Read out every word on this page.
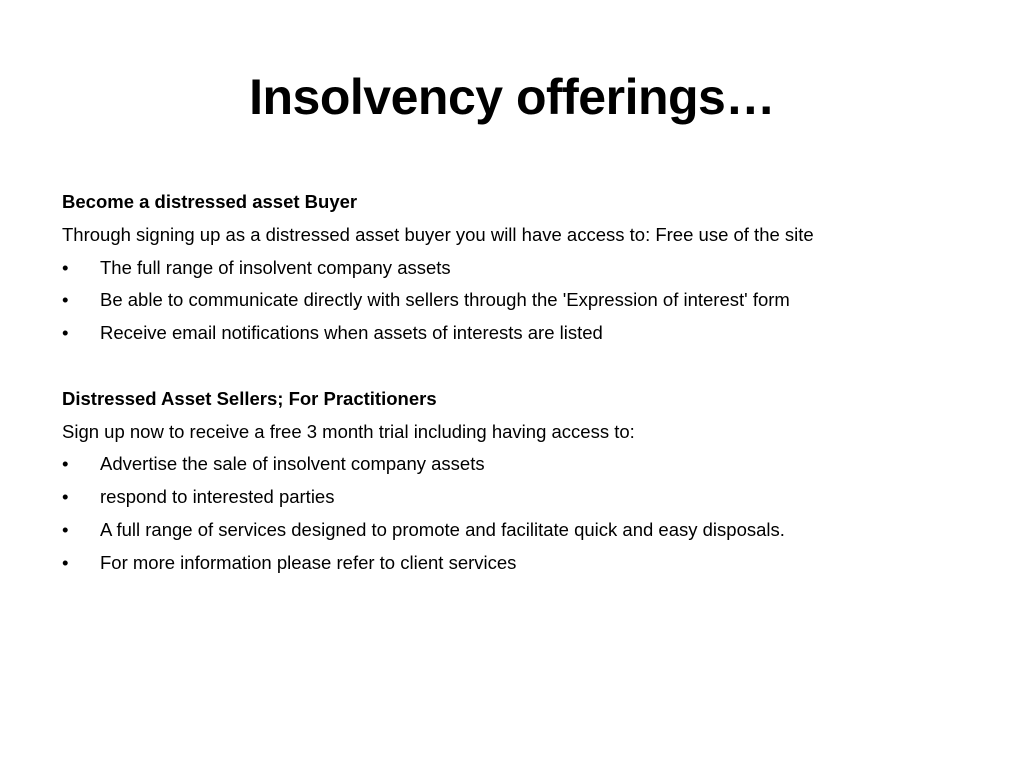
Insolvency offerings…
Become a distressed asset Buyer
Through signing up as a distressed asset buyer you will have access to: Free use of the site
•	The full range of insolvent company assets
•	Be able to communicate directly with sellers through the 'Expression of interest' form
•	Receive email notifications when assets of interests are listed
Distressed Asset Sellers; For Practitioners
Sign up now to receive a free 3 month trial including having access to:
•	Advertise the sale of insolvent company assets
•	respond to interested parties
•	A full range of services designed to promote and facilitate quick and easy disposals.
•	For more information please refer to client services
